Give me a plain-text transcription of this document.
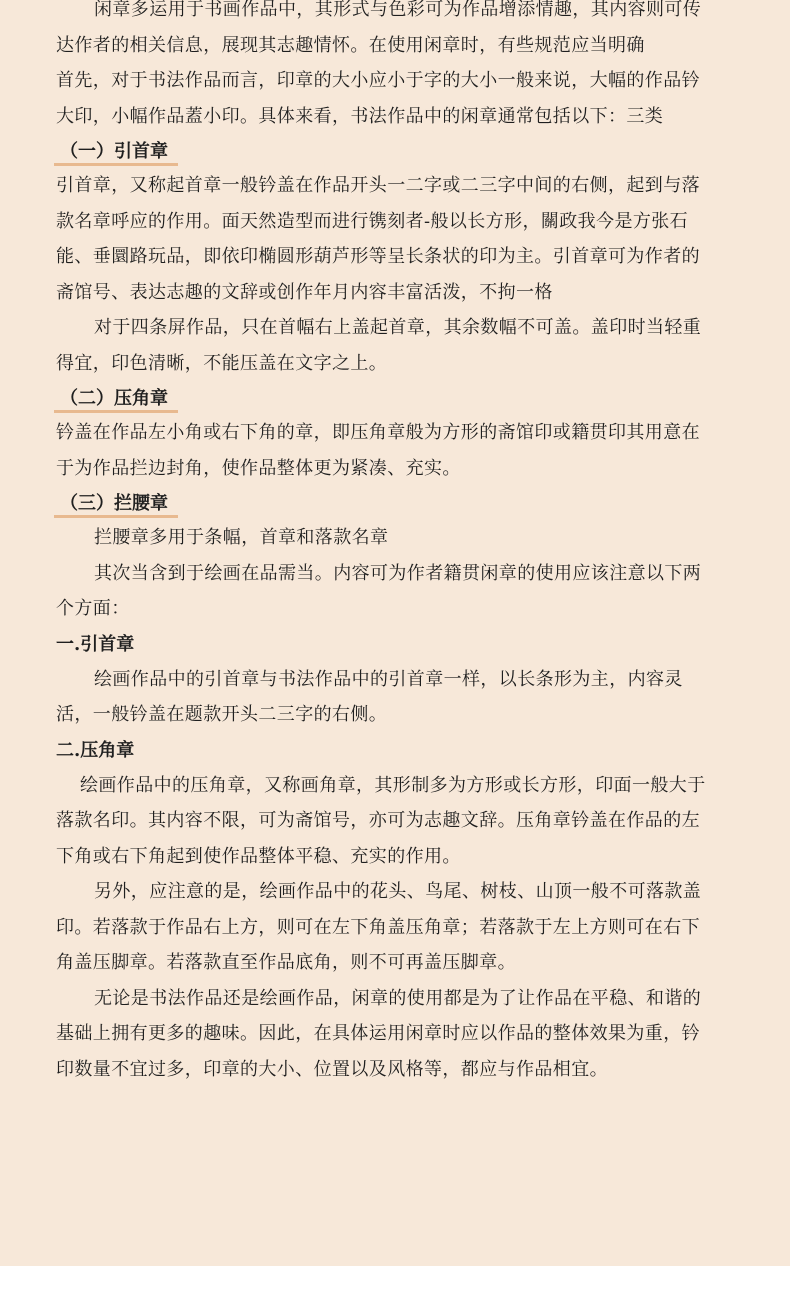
闲章多运用于书画作品中，其形式与色彩可为作品增添情趣，其内容则可传达作者的相关信息，展现其志趣情怀。在使用闲章时，有些规范应当明确

首先，对于书法作品而言，印章的大小应小于字的大小一般来说，大幅的作品钤大印，小幅作品蓋小印。具体来看，书法作品中的闲章通常包括以下：三类

（一）引首章

引首章，又称起首章一般钤盖在作品开头一二字或二三字中间的右侧，起到与落款名章呼应的作用。面天然造型而进行镌刻者-般以长方形，關政我今是方张石能、垂圜路玩品，即依印椭圆形葫芦形等呈长条状的印为主。引首章可为作者的斋馆号、表达志趣的文辞或创作年月内容丰富活泼，不拘一格

对于四条屏作品，只在首幅右上盖起首章，其余数幅不可盖。盖印时当轻重得宜，印色清晰，不能压盖在文字之上。

（二）压角章

钤盖在作品左小角或右下角的章，即压角章般为方形的斋馆印或籍贯印其用意在于为作品拦边封角，使作品整体更为紧凑、充实。

（三）拦腰章

拦腰章多用于条幅，首章和落款名章

其次当含到于绘画在品需当。内容可为作者籍贯闲章的使用应该注意以下两个方面：

一.引首章

绘画作品中的引首章与书法作品中的引首章一样，以长条形为主，内容灵活，一般钤盖在题款开头二三字的右侧。

二.压角章

绘画作品中的压角章，又称画角章，其形制多为方形或长方形，印面一般大于落款名印。其内容不限，可为斋馆号，亦可为志趣文辞。压角章钤盖在作品的左下角或右下角起到使作品整体平稳、充实的作用。

另外，应注意的是，绘画作品中的花头、鸟尾、树枝、山顶一般不可落款盖印。若落款于作品右上方，则可在左下角盖压角章；若落款于左上方则可在右下角盖压脚章。若落款直至作品底角，则不可再盖压脚章。

无论是书法作品还是绘画作品，闲章的使用都是为了让作品在平稳、和谐的基础上拥有更多的趣味。因此，在具体运用闲章时应以作品的整体效果为重，钤印数量不宜过多，印章的大小、位置以及风格等，都应与作品相宜。
